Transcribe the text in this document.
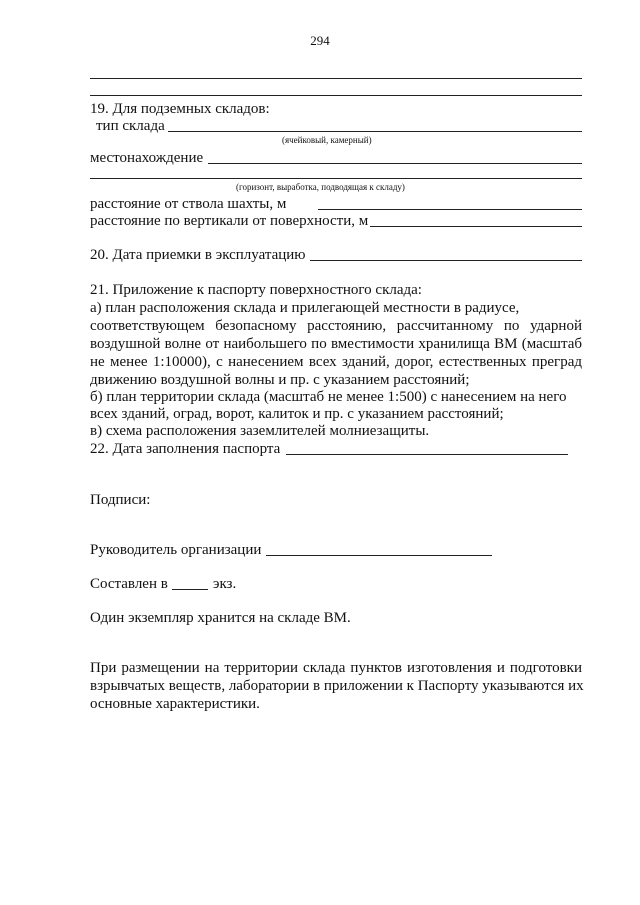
294
19. Для подземных складов:
тип склада
(ячейковый, камерный)
местонахождение
(горизонт, выработка, подводящая к складу)
расстояние от ствола шахты, м
расстояние по вертикали от поверхности, м
20. Дата приемки в эксплуатацию
21. Приложение к паспорту поверхностного склада:
а) план расположения склада и прилегающей местности в радиусе,
соответствующем безопасному расстоянию, рассчитанному по ударной
воздушной волне от наибольшего по вместимости хранилища ВМ (масштаб
не менее 1:10000), с нанесением всех зданий, дорог, естественных преград
движению воздушной волны и пр. с указанием расстояний;
б) план территории склада (масштаб не менее 1:500) с нанесением на него
всех зданий, оград, ворот, калиток и пр. с указанием расстояний;
в) схема расположения заземлителей молниезащиты.
22. Дата заполнения паспорта
Подписи:
Руководитель организации
Составлен в	экз.
Один экземпляр хранится на складе ВМ.
При размещении на территории склада пунктов изготовления и подготовки
взрывчатых веществ, лаборатории в приложении к Паспорту указываются их
основные характеристики.
